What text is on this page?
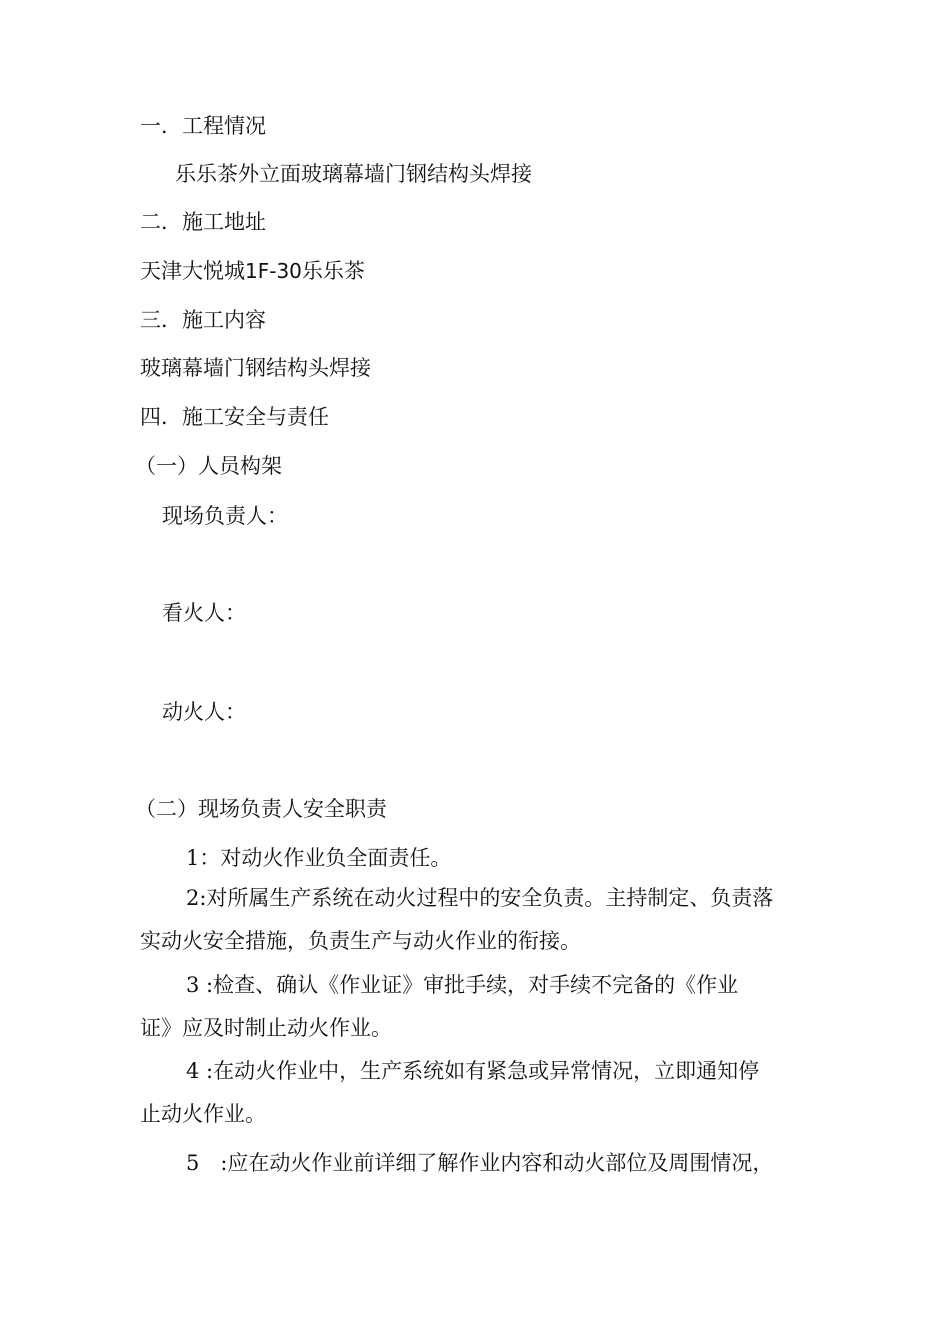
一．工程情况
乐乐茶外立面玻璃幕墙门钢结构头焊接
二．施工地址
天津大悦城1F-30乐乐茶
三．施工内容
玻璃幕墙门钢结构头焊接
四．施工安全与责任
（一）人员构架
现场负责人：
看火人：
动火人：
（二）现场负责人安全职责
1：对动火作业负全面责任。
2:对所属生产系统在动火过程中的安全负责。主持制定、负责落
实动火安全措施，负责生产与动火作业的衔接。
3 :检查、确认《作业证》审批手续，对手续不完备的《作业
证》应及时制止动火作业。
4 :在动火作业中，生产系统如有紧急或异常情况，立即通知停
止动火作业。
5　:应在动火作业前详细了解作业内容和动火部位及周围情况，
